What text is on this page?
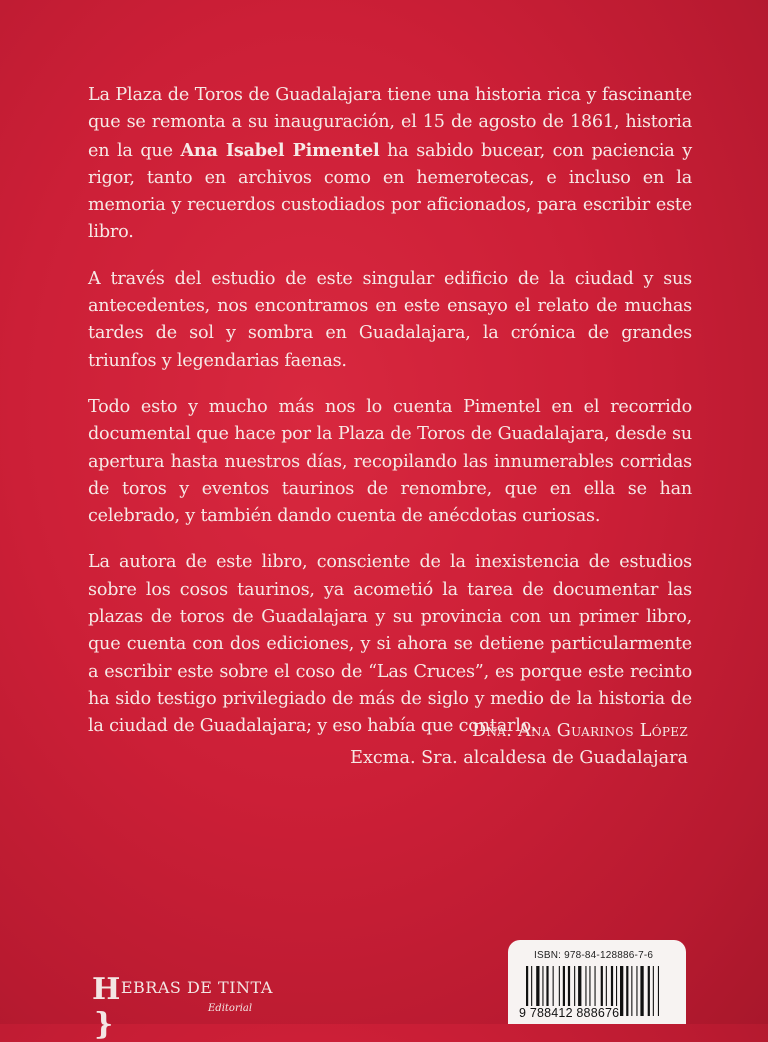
La Plaza de Toros de Guadalajara tiene una historia rica y fascinante que se remonta a su inauguración, el 15 de agosto de 1861, historia en la que Ana Isabel Pimentel ha sabido bucear, con paciencia y rigor, tanto en archivos como en hemerotecas, e incluso en la memoria y recuerdos custodiados por aficionados, para escribir este libro.

A través del estudio de este singular edificio de la ciudad y sus antecedentes, nos encontramos en este ensayo el relato de muchas tardes de sol y sombra en Guadalajara, la crónica de grandes triunfos y legendarias faenas.

Todo esto y mucho más nos lo cuenta Pimentel en el recorrido documental que hace por la Plaza de Toros de Guadalajara, desde su apertura hasta nuestros días, recopilando las innumerables corridas de toros y eventos taurinos de renombre, que en ella se han celebrado, y también dando cuenta de anécdotas curiosas.

La autora de este libro, consciente de la inexistencia de estudios sobre los cosos taurinos, ya acometió la tarea de documentar las plazas de toros de Guadalajara y su provincia con un primer libro, que cuenta con dos ediciones, y si ahora se detiene particularmente a escribir este sobre el coso de “Las Cruces”, es porque este recinto ha sido testigo privilegiado de más de siglo y medio de la historia de la ciudad de Guadalajara; y eso había que contarlo.

Dña. Ana Guarinos López
Excma. Sra. alcaldesa de Guadalajara
HEBRAS DE TINTA}	Editorial
ISBN: 978-84-128886-7-6
9 788412 888676
